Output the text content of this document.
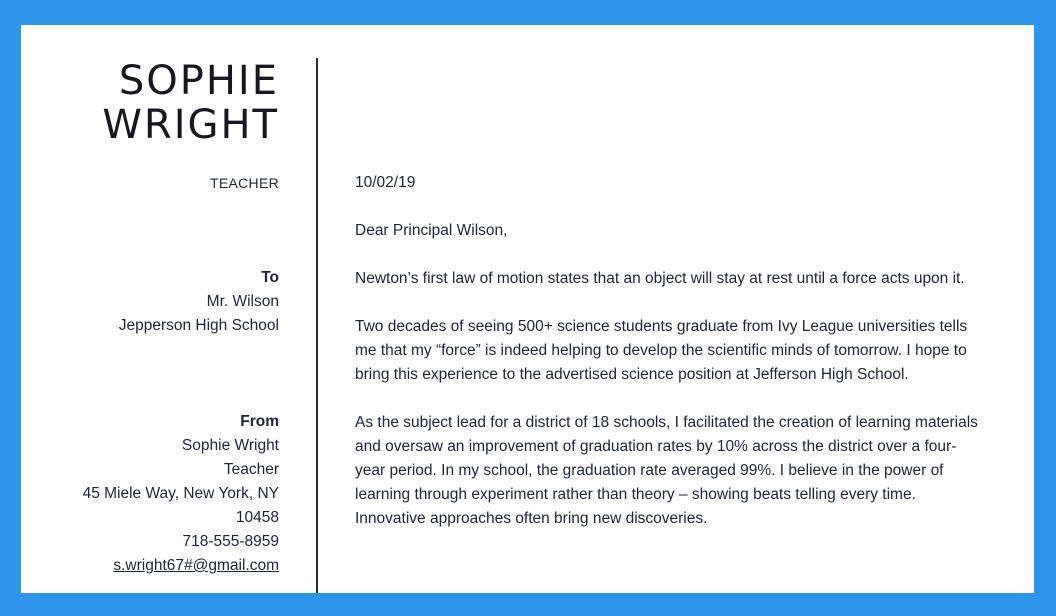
SOPHIE
WRIGHT
TEACHER
To
Mr. Wilson
Jepperson High School
From
Sophie Wright
Teacher
45 Miele Way, New York, NY
10458
718-555-8959
s.wright67#@gmail.com

10/02/19

Dear Principal Wilson,

Newton’s first law of motion states that an object will stay at rest until a force acts upon it.

Two decades of seeing 500+ science students graduate from Ivy League universities tells me that my “force” is indeed helping to develop the scientific minds of tomorrow. I hope to bring this experience to the advertised science position at Jefferson High School.

As the subject lead for a district of 18 schools, I facilitated the creation of learning materials and oversaw an improvement of graduation rates by 10% across the district over a four-year period. In my school, the graduation rate averaged 99%. I believe in the power of learning through experiment rather than theory – showing beats telling every time. Innovative approaches often bring new discoveries.
